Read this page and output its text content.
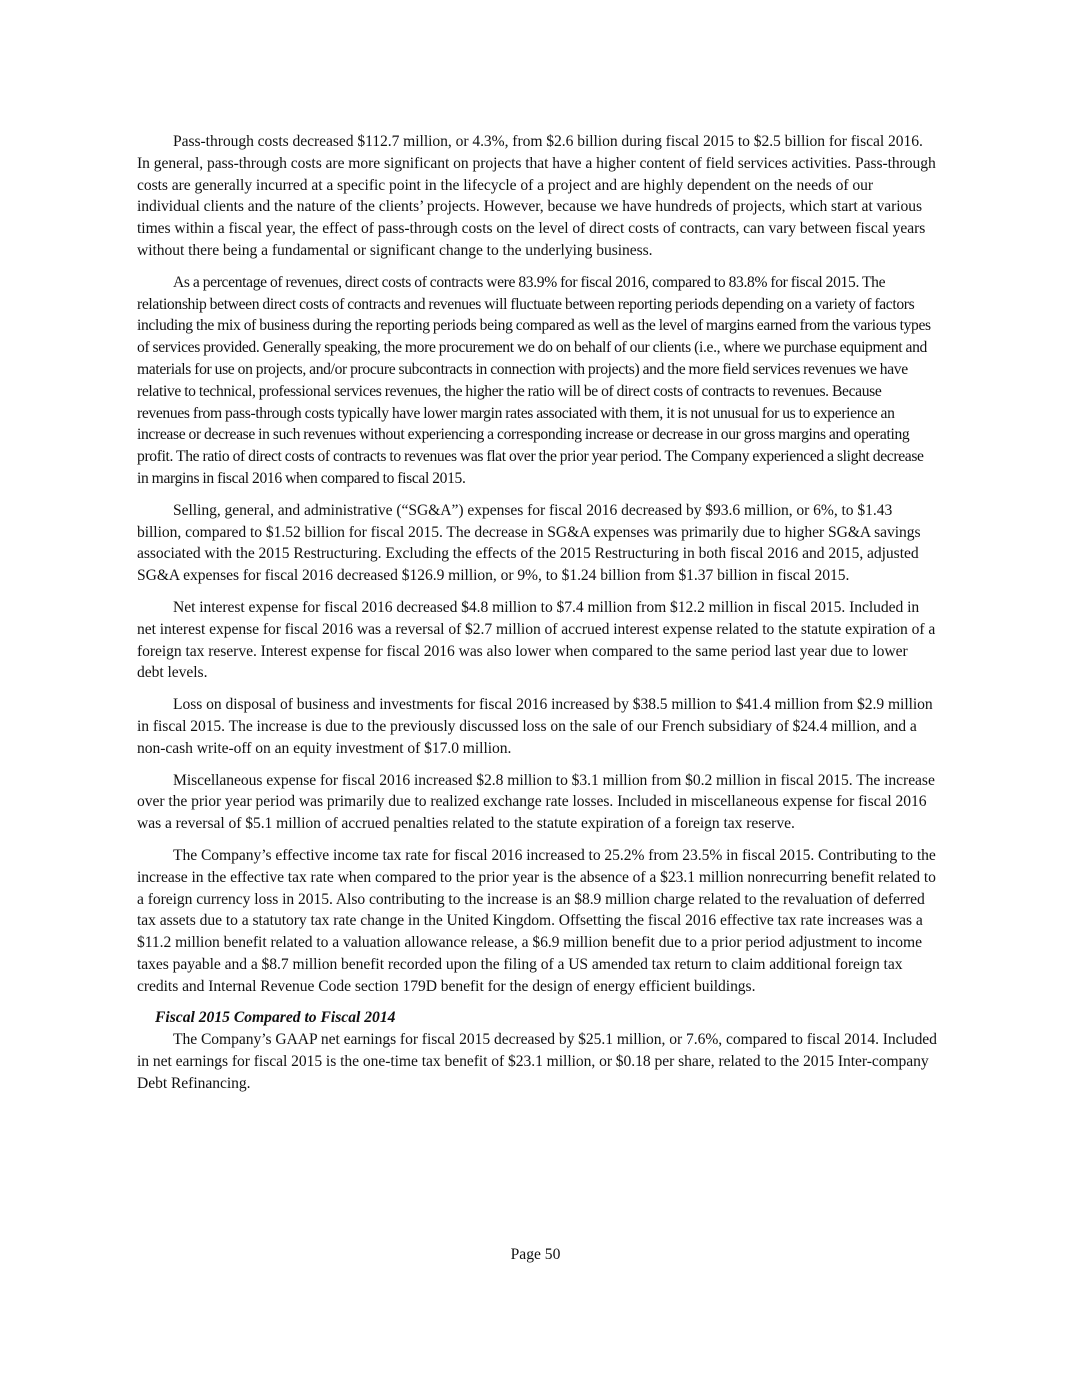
Pass-through costs decreased $112.7 million, or 4.3%, from $2.6 billion during fiscal 2015 to $2.5 billion for fiscal 2016. In general, pass-through costs are more significant on projects that have a higher content of field services activities. Pass-through costs are generally incurred at a specific point in the lifecycle of a project and are highly dependent on the needs of our individual clients and the nature of the clients’ projects. However, because we have hundreds of projects, which start at various times within a fiscal year, the effect of pass-through costs on the level of direct costs of contracts, can vary between fiscal years without there being a fundamental or significant change to the underlying business.

As a percentage of revenues, direct costs of contracts were 83.9% for fiscal 2016, compared to 83.8% for fiscal 2015. The relationship between direct costs of contracts and revenues will fluctuate between reporting periods depending on a variety of factors including the mix of business during the reporting periods being compared as well as the level of margins earned from the various types of services provided. Generally speaking, the more procurement we do on behalf of our clients (i.e., where we purchase equipment and materials for use on projects, and/or procure subcontracts in connection with projects) and the more field services revenues we have relative to technical, professional services revenues, the higher the ratio will be of direct costs of contracts to revenues. Because revenues from pass-through costs typically have lower margin rates associated with them, it is not unusual for us to experience an increase or decrease in such revenues without experiencing a corresponding increase or decrease in our gross margins and operating profit. The ratio of direct costs of contracts to revenues was flat over the prior year period. The Company experienced a slight decrease in margins in fiscal 2016 when compared to fiscal 2015.

Selling, general, and administrative (“SG&A”) expenses for fiscal 2016 decreased by $93.6 million, or 6%, to $1.43 billion, compared to $1.52 billion for fiscal 2015. The decrease in SG&A expenses was primarily due to higher SG&A savings associated with the 2015 Restructuring. Excluding the effects of the 2015 Restructuring in both fiscal 2016 and 2015, adjusted SG&A expenses for fiscal 2016 decreased $126.9 million, or 9%, to $1.24 billion from $1.37 billion in fiscal 2015.

Net interest expense for fiscal 2016 decreased $4.8 million to $7.4 million from $12.2 million in fiscal 2015. Included in net interest expense for fiscal 2016 was a reversal of $2.7 million of accrued interest expense related to the statute expiration of a foreign tax reserve. Interest expense for fiscal 2016 was also lower when compared to the same period last year due to lower debt levels.

Loss on disposal of business and investments for fiscal 2016 increased by $38.5 million to $41.4 million from $2.9 million in fiscal 2015. The increase is due to the previously discussed loss on the sale of our French subsidiary of $24.4 million, and a non-cash write-off on an equity investment of $17.0 million.

Miscellaneous expense for fiscal 2016 increased $2.8 million to $3.1 million from $0.2 million in fiscal 2015. The increase over the prior year period was primarily due to realized exchange rate losses. Included in miscellaneous expense for fiscal 2016 was a reversal of $5.1 million of accrued penalties related to the statute expiration of a foreign tax reserve.

The Company’s effective income tax rate for fiscal 2016 increased to 25.2% from 23.5% in fiscal 2015. Contributing to the increase in the effective tax rate when compared to the prior year is the absence of a $23.1 million nonrecurring benefit related to a foreign currency loss in 2015. Also contributing to the increase is an $8.9 million charge related to the revaluation of deferred tax assets due to a statutory tax rate change in the United Kingdom. Offsetting the fiscal 2016 effective tax rate increases was a $11.2 million benefit related to a valuation allowance release, a $6.9 million benefit due to a prior period adjustment to income taxes payable and a $8.7 million benefit recorded upon the filing of a US amended tax return to claim additional foreign tax credits and Internal Revenue Code section 179D benefit for the design of energy efficient buildings.

Fiscal 2015 Compared to Fiscal 2014

The Company’s GAAP net earnings for fiscal 2015 decreased by $25.1 million, or 7.6%, compared to fiscal 2014. Included in net earnings for fiscal 2015 is the one-time tax benefit of $23.1 million, or $0.18 per share, related to the 2015 Inter-company Debt Refinancing.

Page 50
